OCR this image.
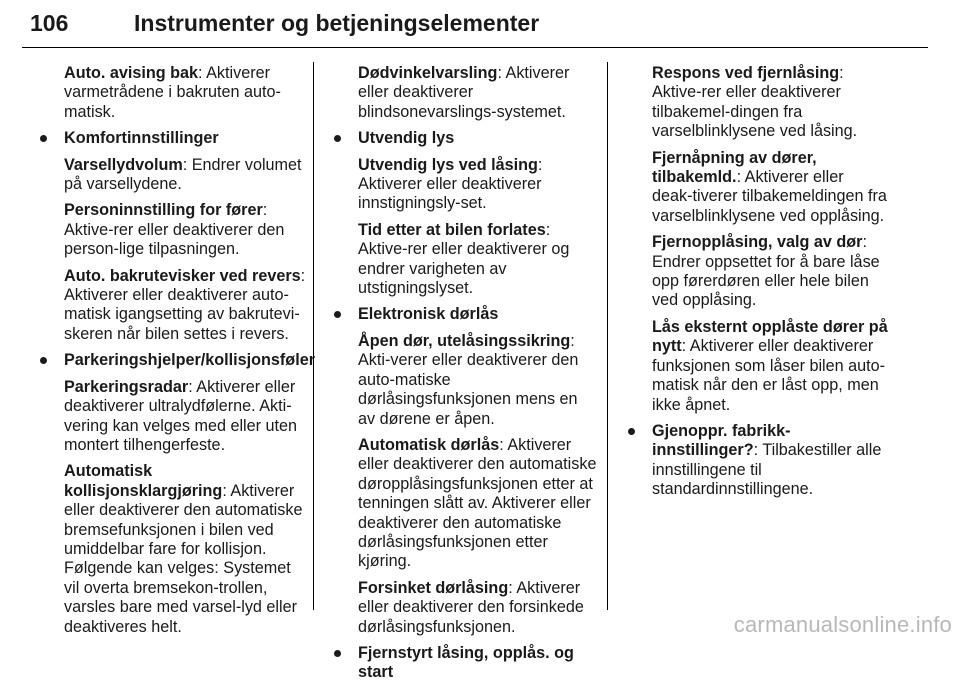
106	Instrumenter og betjeningselementer
Auto. avising bak: Aktiverer varmetrådene i bakruten auto-matisk.
Komfortinnstillinger
Varsellydvolum: Endrer volumet på varsellydene.
Personinnstilling for fører: Aktive-rer eller deaktiverer den person-lige tilpasningen.
Auto. bakrutevisker ved revers: Aktiverer eller deaktiverer auto-matisk igangsetting av bakrutevi-skeren når bilen settes i revers.
Parkeringshjelper/kollisjonsføler
Parkeringsradar: Aktiverer eller deaktiverer ultralydfølerne. Akti-vering kan velges med eller uten montert tilhengerfeste.
Automatisk kollisjonsklargjøring: Aktiverer eller deaktiverer den automatiske bremsefunksjonen i bilen ved umiddelbar fare for kollisjon. Følgende kan velges: Systemet vil overta bremsekon-trollen, varsles bare med varsel-lyd eller deaktiveres helt.
Dødvinkelvarsling: Aktiverer eller deaktiverer blindsonevarslings-systemet.
Utvendig lys
Utvendig lys ved låsing: Aktiverer eller deaktiverer innstigningsly-set.
Tid etter at bilen forlates: Aktive-rer eller deaktiverer og endrer varigheten av utstigningslyset.
Elektronisk dørlås
Åpen dør, utelåsingssikring: Akti-verer eller deaktiverer den auto-matiske dørlåsingsfunksjonen mens en av dørene er åpen.
Automatisk dørlås: Aktiverer eller deaktiverer den automatiske døropplåsingsfunksjonen etter at tenningen slått av. Aktiverer eller deaktiverer den automatiske dørlåsingsfunksjonen etter kjøring.
Forsinket dørlåsing: Aktiverer eller deaktiverer den forsinkede dørlåsingsfunksjonen.
Fjernstyrt låsing, opplås. og start
Respons ved fjernlåsing: Aktive-rer eller deaktiverer tilbakemel-dingen fra varselblinklysene ved låsing.
Fjernåpning av dører, tilbakemld.: Aktiverer eller deak-tiverer tilbakemeldingen fra varselblinklysene ved opplåsing.
Fjernopplåsing, valg av dør: Endrer oppsettet for å bare låse opp førerdøren eller hele bilen ved opplåsing.
Lås eksternt opplåste dører på nytt: Aktiverer eller deaktiverer funksjonen som låser bilen auto-matisk når den er låst opp, men ikke åpnet.
Gjenoppr. fabrikk-innstillinger?: Tilbakestiller alle innstillingene til standardinnstillingene.
carmanualsonline.info
